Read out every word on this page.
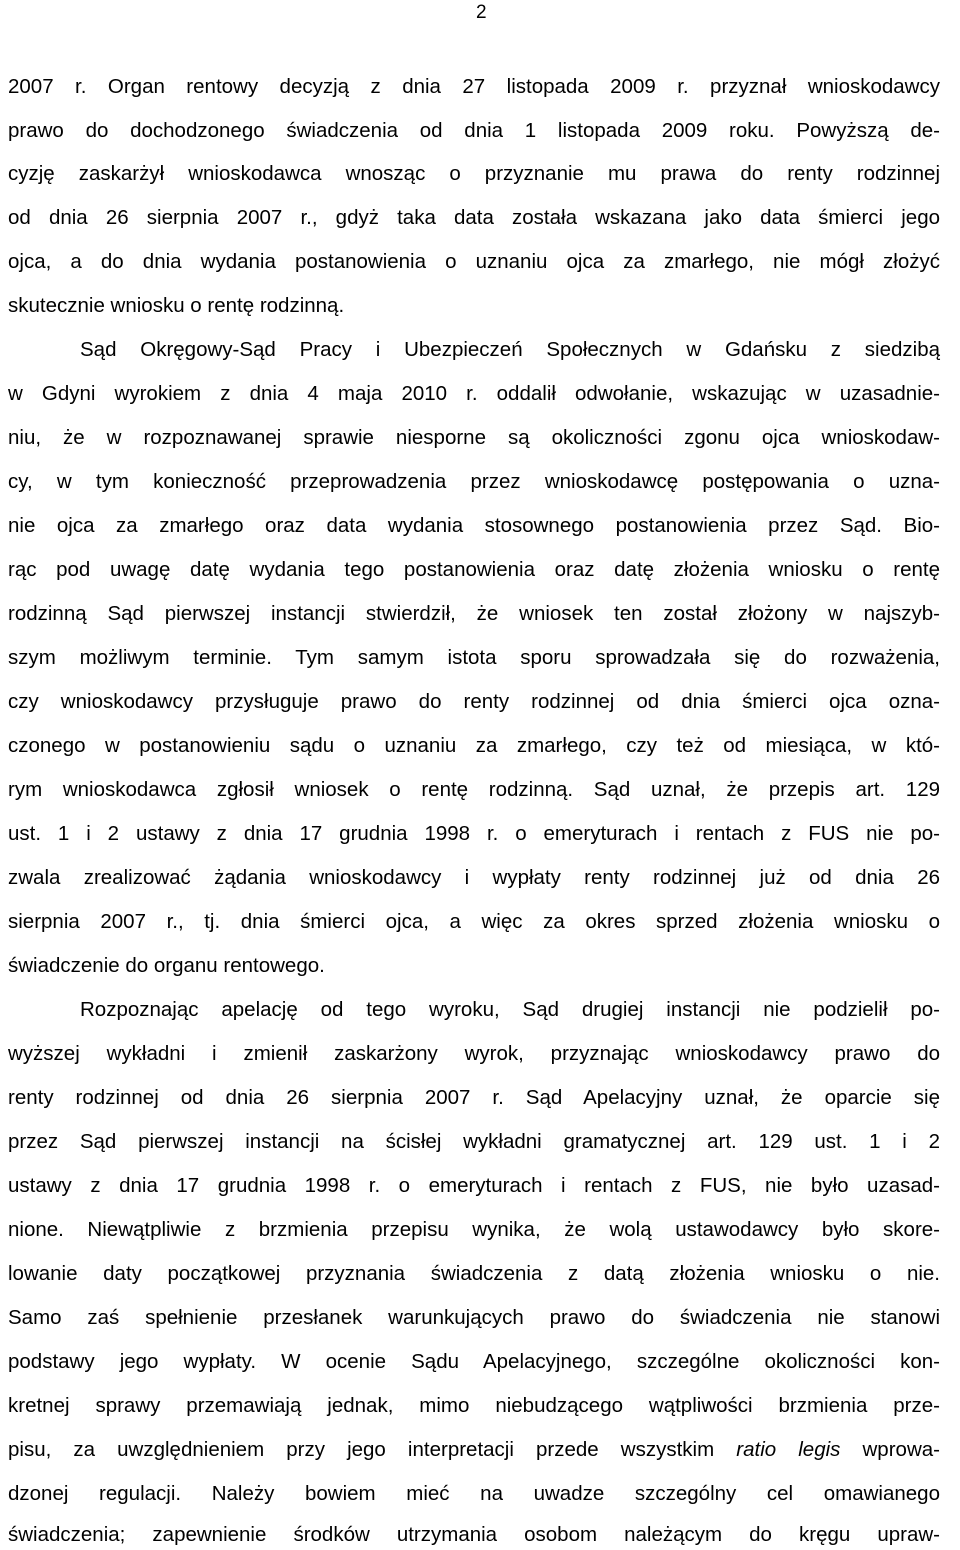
2
2007 r. Organ rentowy decyzją z dnia 27 listopada 2009 r. przyznał wnioskodawcy
prawo do dochodzonego świadczenia od dnia 1 listopada 2009 roku. Powyższą de-
cyzję zaskarżył wnioskodawca wnosząc o przyznanie mu prawa do renty rodzinnej
od dnia 26 sierpnia 2007 r., gdyż taka data została wskazana jako data śmierci jego
ojca, a do dnia wydania postanowienia o uznaniu ojca za zmarłego, nie mógł złożyć
skutecznie wniosku o rentę rodzinną.
Sąd Okręgowy-Sąd Pracy i Ubezpieczeń Społecznych w Gdańsku z siedzibą
w Gdyni wyrokiem z dnia 4 maja 2010 r. oddalił odwołanie, wskazując w uzasadnie-
niu, że w rozpoznawanej sprawie niesporne są okoliczności zgonu ojca wnioskodaw-
cy, w tym konieczność przeprowadzenia przez wnioskodawcę postępowania o uzna-
nie ojca za zmarłego oraz data wydania stosownego postanowienia przez Sąd. Bio-
rąc pod uwagę datę wydania tego postanowienia oraz datę złożenia wniosku o rentę
rodzinną Sąd pierwszej instancji stwierdził, że wniosek ten został złożony w najszyb-
szym możliwym terminie. Tym samym istota sporu sprowadzała się do rozważenia,
czy wnioskodawcy przysługuje prawo do renty rodzinnej od dnia śmierci ojca ozna-
czonego w postanowieniu sądu o uznaniu za zmarłego, czy też od miesiąca, w któ-
rym wnioskodawca zgłosił wniosek o rentę rodzinną. Sąd uznał, że przepis art. 129
ust. 1 i 2 ustawy z dnia 17 grudnia 1998 r. o emeryturach i rentach z FUS nie po-
zwala zrealizować żądania wnioskodawcy i wypłaty renty rodzinnej już od dnia 26
sierpnia 2007 r., tj. dnia śmierci ojca, a więc za okres sprzed złożenia wniosku o
świadczenie do organu rentowego.
Rozpoznając apelację od tego wyroku, Sąd drugiej instancji nie podzielił po-
wyższej wykładni i zmienił zaskarżony wyrok, przyznając wnioskodawcy prawo do
renty rodzinnej od dnia 26 sierpnia 2007 r. Sąd Apelacyjny uznał, że oparcie się
przez Sąd pierwszej instancji na ścisłej wykładni gramatycznej art. 129 ust. 1 i 2
ustawy z dnia 17 grudnia 1998 r. o emeryturach i rentach z FUS, nie było uzasad-
nione. Niewątpliwie z brzmienia przepisu wynika, że wolą ustawodawcy było skore-
lowanie daty początkowej przyznania świadczenia z datą złożenia wniosku o nie.
Samo zaś spełnienie przesłanek warunkujących prawo do świadczenia nie stanowi
podstawy jego wypłaty. W ocenie Sądu Apelacyjnego, szczególne okoliczności kon-
kretnej sprawy przemawiają jednak, mimo niebudzącego wątpliwości brzmienia prze-
pisu, za uwzględnieniem przy jego interpretacji przede wszystkim ratio legis wprowa-
dzonej regulacji. Należy bowiem mieć na uwadze szczególny cel omawianego
świadczenia; zapewnienie środków utrzymania osobom należącym do kręgu upraw-
